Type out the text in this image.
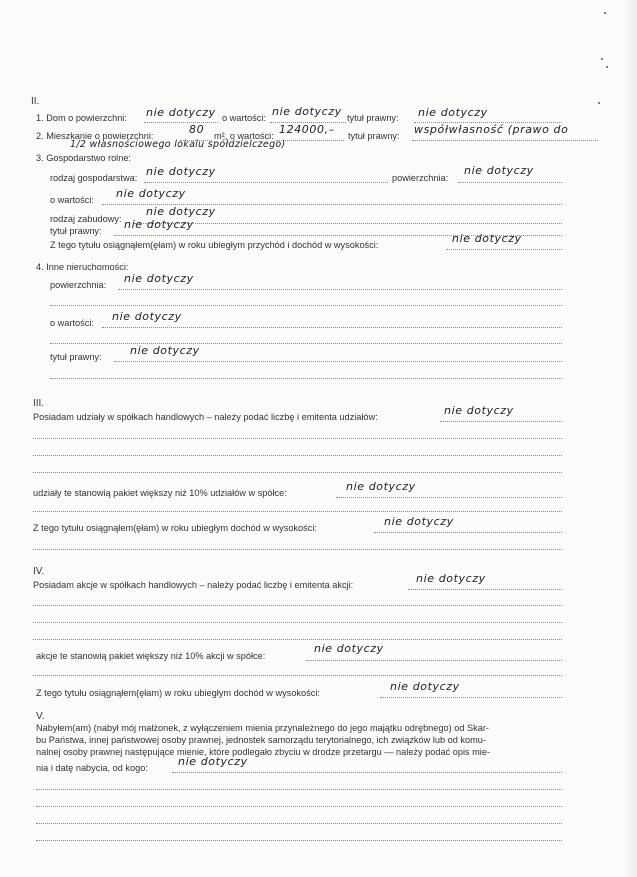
II.
1. Dom o powierzchni: nie dotyczy o wartości: nie dotyczy tytuł prawny: nie dotyczy
2. Mieszkanie o powierzchni:	80 m², o wartości: 124000,– tytuł prawny: współwłasność (prawo do
1/2 własnościowego lokalu spółdzielczego)
3. Gospodarstwo rolne:
rodzaj gospodarstwa: nie dotyczy	powierzchnia:
nie dotyczy
o wartości: nie dotyczy
rodzaj zabudowy:
nie dotyczy
tytuł prawny: nie dotyczy
Z tego tytułu osiągnąłem(ęłam) w roku ubiegłym przychód i dochód w wysokości:	nie dotyczy
4. Inne nieruchomości:
powierzchnia: nie dotyczy
o wartości: nie dotyczy
tytuł prawny:	nie dotyczy
III.
Posiadam udziały w spółkach handlowych – należy podać liczbę i emitenta udziałów:	nie dotyczy
udziały te stanowią pakiet większy niż 10% udziałów w spółce:	nie dotyczy
Z tego tytułu osiągnąłem(ęłam) w roku ubiegłym dochód w wysokości:	nie dotyczy
IV.
Posiadam akcje w spółkach handlowych – należy podać liczbę i emitenta akcji:	nie dotyczy
akcje te stanowią pakiet większy niż 10% akcji w spółce:
nie dotyczy
Z tego tytułu osiągnąłem(ęłam) w roku ubiegłym dochód w wysokości:	nie dotyczy
V.
Nabyłem(am) (nabył mój małżonek, z wyłączeniem mienia przynależnego do jego majątku odrębnego) od Skar-
bu Państwa, innej państwowej osoby prawnej, jednostek samorządu terytorialnego, ich związków lub od komu-
nalnej osoby prawnej następujące mienie, które podlegało zbyciu w drodze przetargu — należy podać opis mie-
nia i datę nabycia, od kogo:	nie dotyczy
